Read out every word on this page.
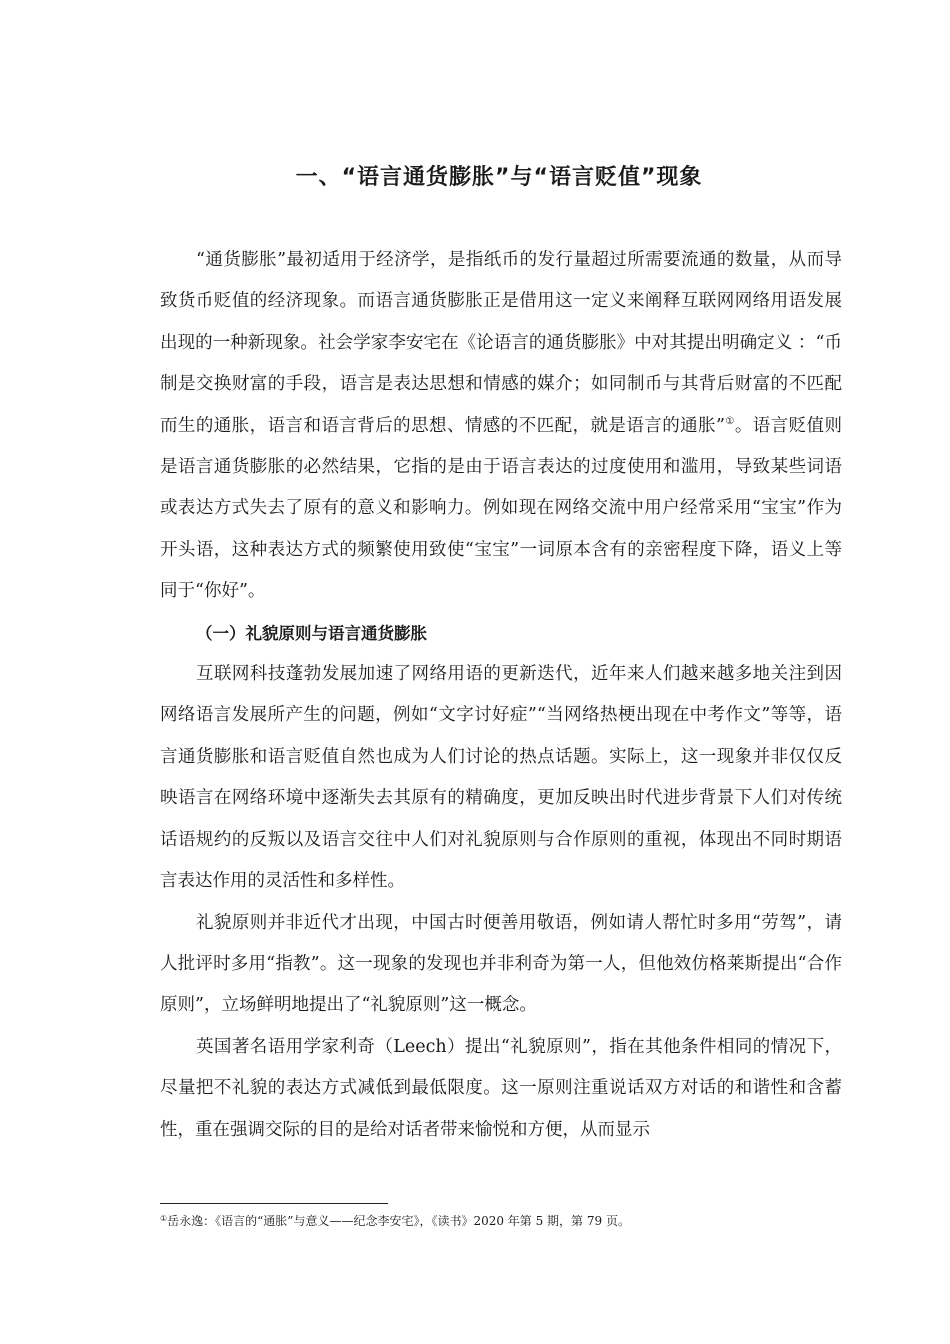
一、“语言通货膨胀”与“语言贬值”现象

“通货膨胀”最初适用于经济学，是指纸币的发行量超过所需要流通的数量，从而导致货币贬值的经济现象。而语言通货膨胀正是借用这一定义来阐释互联网网络用语发展出现的一种新现象。社会学家李安宅在《论语言的通货膨胀》中对其提出明确定义 ：“币制是交换财富的手段，语言是表达思想和情感的媒介；如同制币与其背后财富的不匹配而生的通胀，语言和语言背后的思想、情感的不匹配，就是语言的通胀”①。语言贬值则是语言通货膨胀的必然结果，它指的是由于语言表达的过度使用和滥用，导致某些词语或表达方式失去了原有的意义和影响力。例如现在网络交流中用户经常采用“宝宝”作为开头语，这种表达方式的频繁使用致使“宝宝”一词原本含有的亲密程度下降，语义上等同于“你好”。

（一）礼貌原则与语言通货膨胀

互联网科技蓬勃发展加速了网络用语的更新迭代，近年来人们越来越多地关注到因网络语言发展所产生的问题，例如“文字讨好症”“当网络热梗出现在中考作文”等等，语言通货膨胀和语言贬值自然也成为人们讨论的热点话题。实际上，这一现象并非仅仅反映语言在网络环境中逐渐失去其原有的精确度，更加反映出时代进步背景下人们对传统话语规约的反叛以及语言交往中人们对礼貌原则与合作原则的重视，体现出不同时期语言表达作用的灵活性和多样性。

礼貌原则并非近代才出现，中国古时便善用敬语，例如请人帮忙时多用“劳驾”，请人批评时多用“指教”。这一现象的发现也并非利奇为第一人，但他效仿格莱斯提出“合作原则”，立场鲜明地提出了“礼貌原则”这一概念。

英国著名语用学家利奇（Leech）提出“礼貌原则”，指在其他条件相同的情况下，尽量把不礼貌的表达方式减低到最低限度。这一原则注重说话双方对话的和谐性和含蓄性，重在强调交际的目的是给对话者带来愉悦和方便，从而显示

①岳永逸：《语言的“通胀”与意义——纪念李安宅》，《读书》2020 年第 5 期，第 79 页。
